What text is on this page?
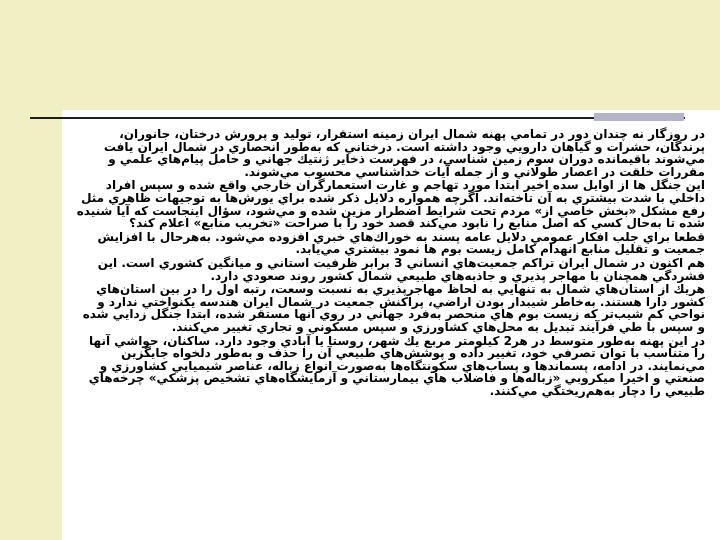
در روزگار نه چندان دور در تمامي پهنه شمال ايران زمينه استقرار، توليد و پرورش درختان، جانوران، پرندگان، حشرات و گياهان دارويي وجود داشته است. درختاني كه به‌طور انحصاري در شمال ايران يافت مي‌شوند باقيمانده دوران سوم زمين شناسي، در فهرست ذخاير ژنتيك جهاني و حامل پيام‌هاي علمي و مقررات خلقت در اعصار طولاني و از جمله آيات خداشناسي محسوب مي‌شوند.

اين جنگل ها از اوايل سده اخير ابتدا مورد تهاجم و غارت استعمارگران خارجي واقع شده و سپس افراد داخلي با شدت بيشتري به آن تاخته‌اند. اگرچه همواره دلايل ذكر شده براي يورش‌ها به توجيهات ظاهري مثل رفع مشكل «بخش خاصي از» مردم تحت شرايط اضطرار مزين شده و مي‌شود، سؤال اينجاست كه آيا شنيده شده تا به‌حال كسي كه اصل منابع را نابود مي‌كند قصد خود را با صراحت «تخريب منابع» اعلام كند؟

قطعا براي جلب افكار عمومي دلايل عامه پسند به خوراك‌هاي خبري افزوده مي‌شود. به‌هرحال با افزايش جمعيت و تقليل منابع انهدام كامل زيست بوم ها نمود بيشتري مي‌يابد.

هم اكنون در شمال ايران تراكم جمعيت‌هاي انساني 3 برابر ظرفيت استاني و ميانگين كشوري است. اين فشردگي همچنان با مهاجر پذيري و جاذبه‌هاي طبيعي شمال كشور روند صعودي دارد.

هريك از استان‌هاي شمال به تنهايي به لحاظ مهاجرپذيري به نسبت وسعت، رتبه اول را در بين استان‌هاي كشور دارا هستند. به‌خاطر شيبدار بودن اراضي، پراكنش جمعيت در شمال ايران هندسه يكنواختي ندارد و نواحي كم شيب‌تر كه زيست بوم هاي منحصر به‌فرد جهاني در روي آنها مستقر شده، ابتدا جنگل زدايي شده و سپس با طي فرآيند تبديل به محل‌هاي كشاورزي و سپس مسكوني و تجاري تغيير مي‌كنند.

در اين پهنه به‌طور متوسط در هر2 كيلومتر مربع يك شهر، روستا يا آبادي وجود دارد. ساكنان، حواشي آنها را متناسب با توان تصرفي خود، تغيير داده و پوشش‌هاي طبيعي آن را حذف و به‌طور دلخواه جايگزين مي‌نمايند. در ادامه، پسماندها و پساب‌هاي سكونتگاه‌ها به‌صورت انواع زباله، عناصر شيميايي كشاورزي و صنعتي و اخيرا ميكروبي «زباله‌ها و فاضلاب هاي بيمارستاني و آزمايشگاه‌هاي تشخيص پزشكي» چرخه‌هاي طبيعي را دچار به‌هم‌ريختگي مي‌كنند.
